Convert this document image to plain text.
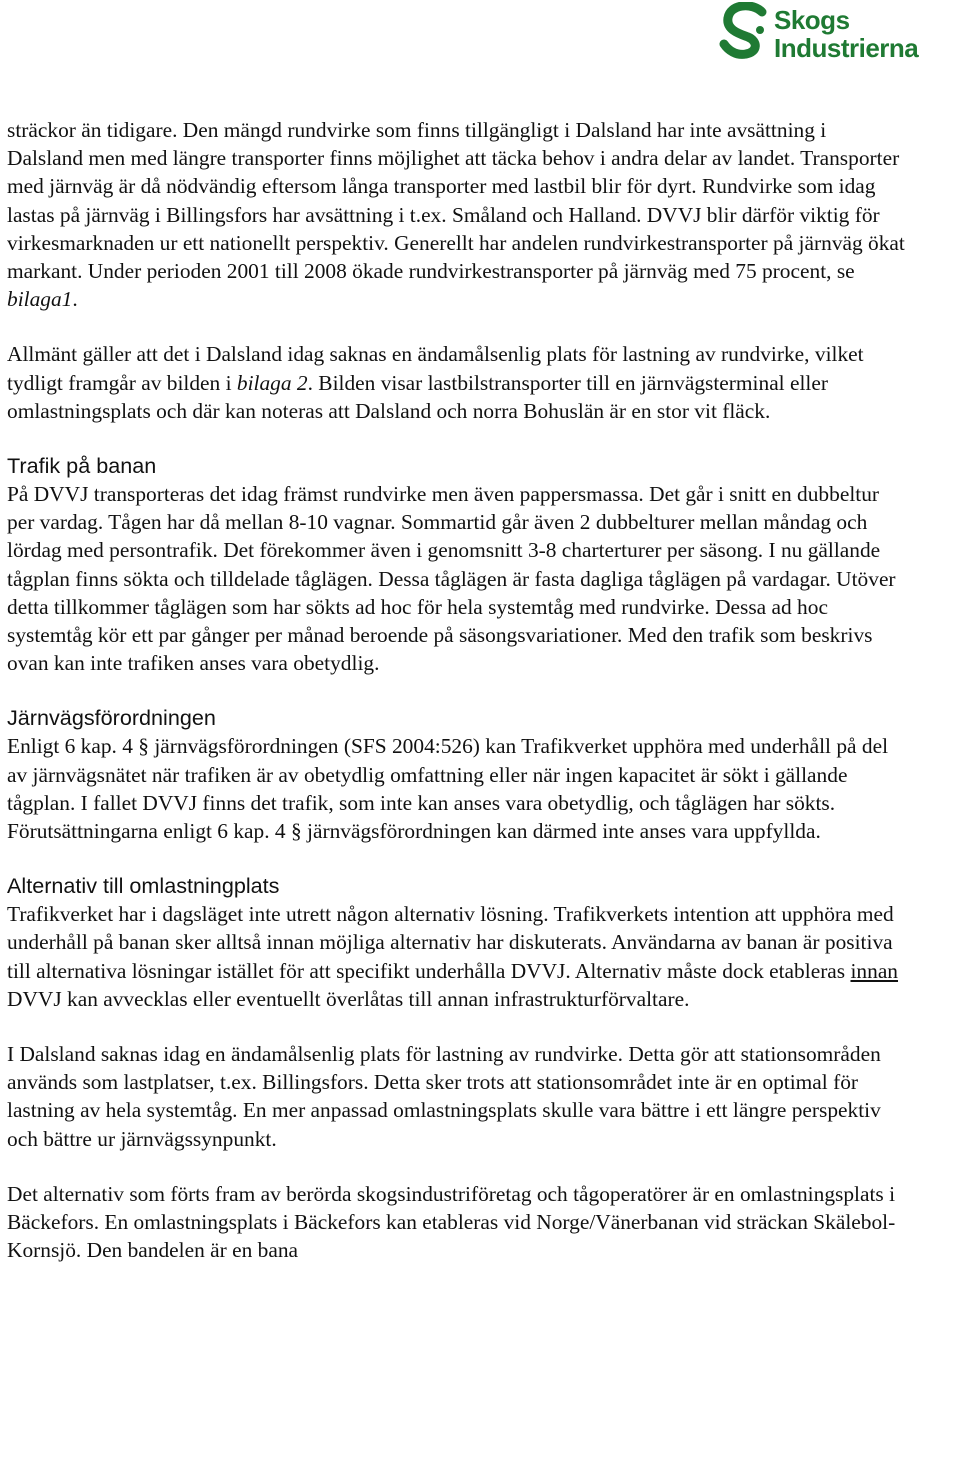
Skogs
Industrierna

sträckor än tidigare. Den mängd rundvirke som finns tillgängligt i Dalsland har inte avsättning i Dalsland men med längre transporter finns möjlighet att täcka behov i andra delar av landet. Transporter med järnväg är då nödvändig eftersom långa transporter med lastbil blir för dyrt. Rundvirke som idag lastas på järnväg i Billingsfors har avsättning i t.ex. Småland och Halland. DVVJ blir därför viktig för virkesmarknaden ur ett nationellt perspektiv. Generellt har andelen rundvirkestransporter på järnväg ökat markant. Under perioden 2001 till 2008 ökade rundvirkestransporter på järnväg med 75 procent, se bilaga1.

Allmänt gäller att det i Dalsland idag saknas en ändamålsenlig plats för lastning av rundvirke, vilket tydligt framgår av bilden i bilaga 2. Bilden visar lastbilstransporter till en järnvägsterminal eller omlastningsplats och där kan noteras att Dalsland och norra Bohuslän är en stor vit fläck.

Trafik på banan

På DVVJ transporteras det idag främst rundvirke men även pappersmassa. Det går i snitt en dubbeltur per vardag. Tågen har då mellan 8-10 vagnar. Sommartid går även 2 dubbelturer mellan måndag och lördag med persontrafik. Det förekommer även i genomsnitt 3-8 charterturer per säsong. I nu gällande tågplan finns sökta och tilldelade tåglägen. Dessa tåglägen är fasta dagliga tåglägen på vardagar. Utöver detta tillkommer tåglägen som har sökts ad hoc för hela systemtåg med rundvirke. Dessa ad hoc systemtåg kör ett par gånger per månad beroende på säsongsvariationer. Med den trafik som beskrivs ovan kan inte trafiken anses vara obetydlig.

Järnvägsförordningen

Enligt 6 kap. 4 § järnvägsförordningen (SFS 2004:526) kan Trafikverket upphöra med underhåll på del av järnvägsnätet när trafiken är av obetydlig omfattning eller när ingen kapacitet är sökt i gällande tågplan. I fallet DVVJ finns det trafik, som inte kan anses vara obetydlig, och tåglägen har sökts. Förutsättningarna enligt 6 kap. 4 § järnvägsförordningen kan därmed inte anses vara uppfyllda.

Alternativ till omlastningplats

Trafikverket har i dagsläget inte utrett någon alternativ lösning. Trafikverkets intention att upphöra med underhåll på banan sker alltså innan möjliga alternativ har diskuterats. Användarna av banan är positiva till alternativa lösningar istället för att specifikt underhålla DVVJ. Alternativ måste dock etableras innan DVVJ kan avvecklas eller eventuellt överlåtas till annan infrastrukturförvaltare.

I Dalsland saknas idag en ändamålsenlig plats för lastning av rundvirke. Detta gör att stationsområden används som lastplatser, t.ex. Billingsfors. Detta sker trots att stationsområdet inte är en optimal för lastning av hela systemtåg. En mer anpassad omlastningsplats skulle vara bättre i ett längre perspektiv och bättre ur järnvägssynpunkt.

Det alternativ som förts fram av berörda skogsindustriföretag och tågoperatörer är en omlastningsplats i Bäckefors. En omlastningsplats i Bäckefors kan etableras vid Norge/Vänerbanan vid sträckan Skälebol-Kornsjö. Den bandelen är en bana
